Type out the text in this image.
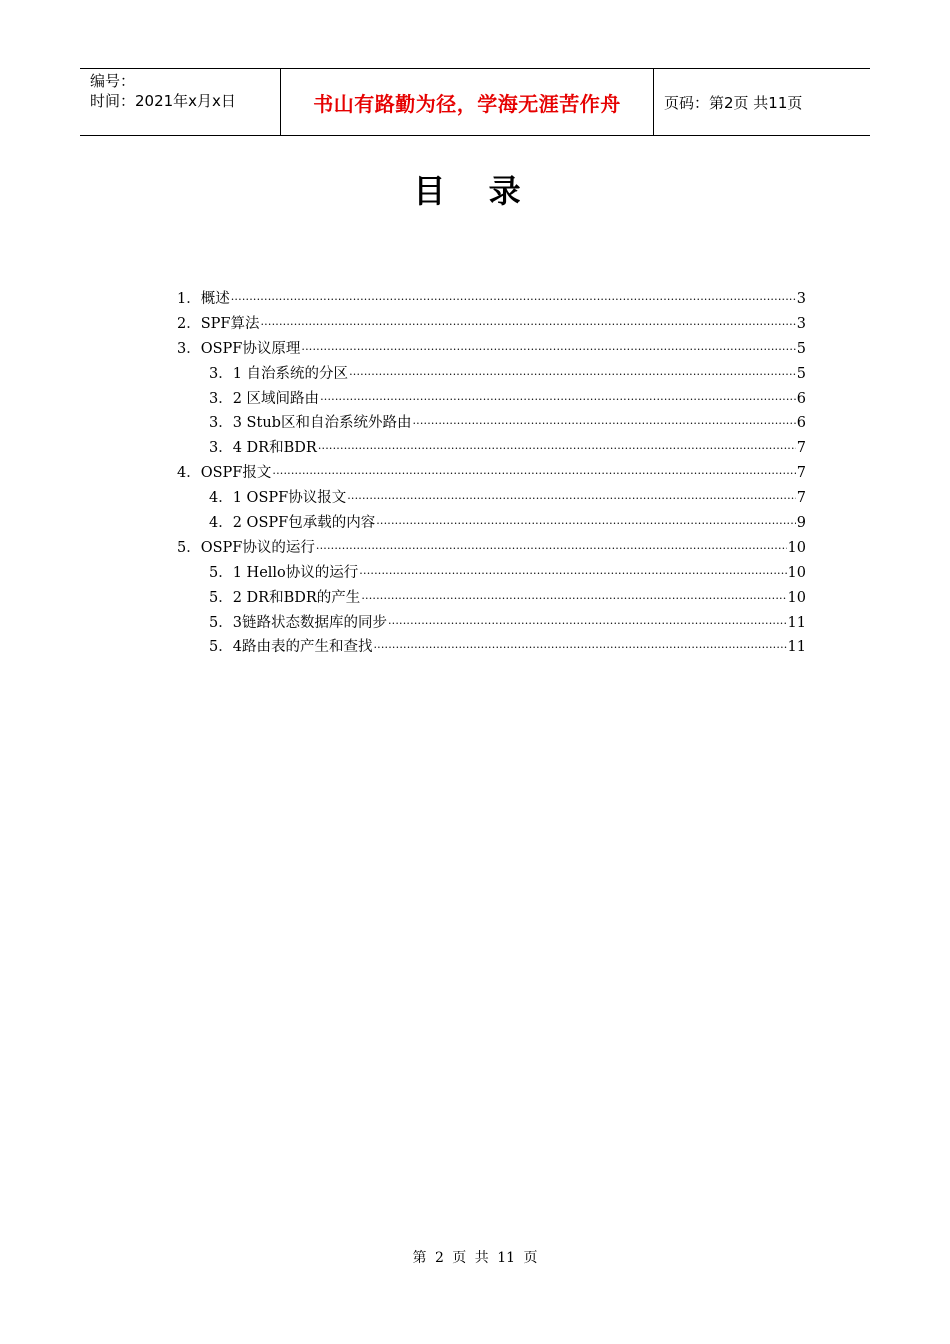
编号：
时间：2021年x月x日	书山有路勤为径，学海无涯苦作舟	页码：第2页 共11页
目 录
1．概述 .....	3
2．SPF算法 .....	3
3．OSPF协议原理 .....	5
3．1 自治系统的分区 .....	5
3．2 区域间路由 .....	6
3．3 Stub区和自治系统外路由 .....	6
3．4 DR和BDR .....	7
4．OSPF报文 .....	7
4．1 OSPF协议报文 .....	7
4．2 OSPF包承载的内容 .....	9
5．OSPF协议的运行 .....	10
5．1 Hello协议的运行 .....	10
5．2 DR和BDR的产生 .....	10
5．3链路状态数据库的同步 .....	11
5．4路由表的产生和查找 .....	11
第 2 页 共 11 页
